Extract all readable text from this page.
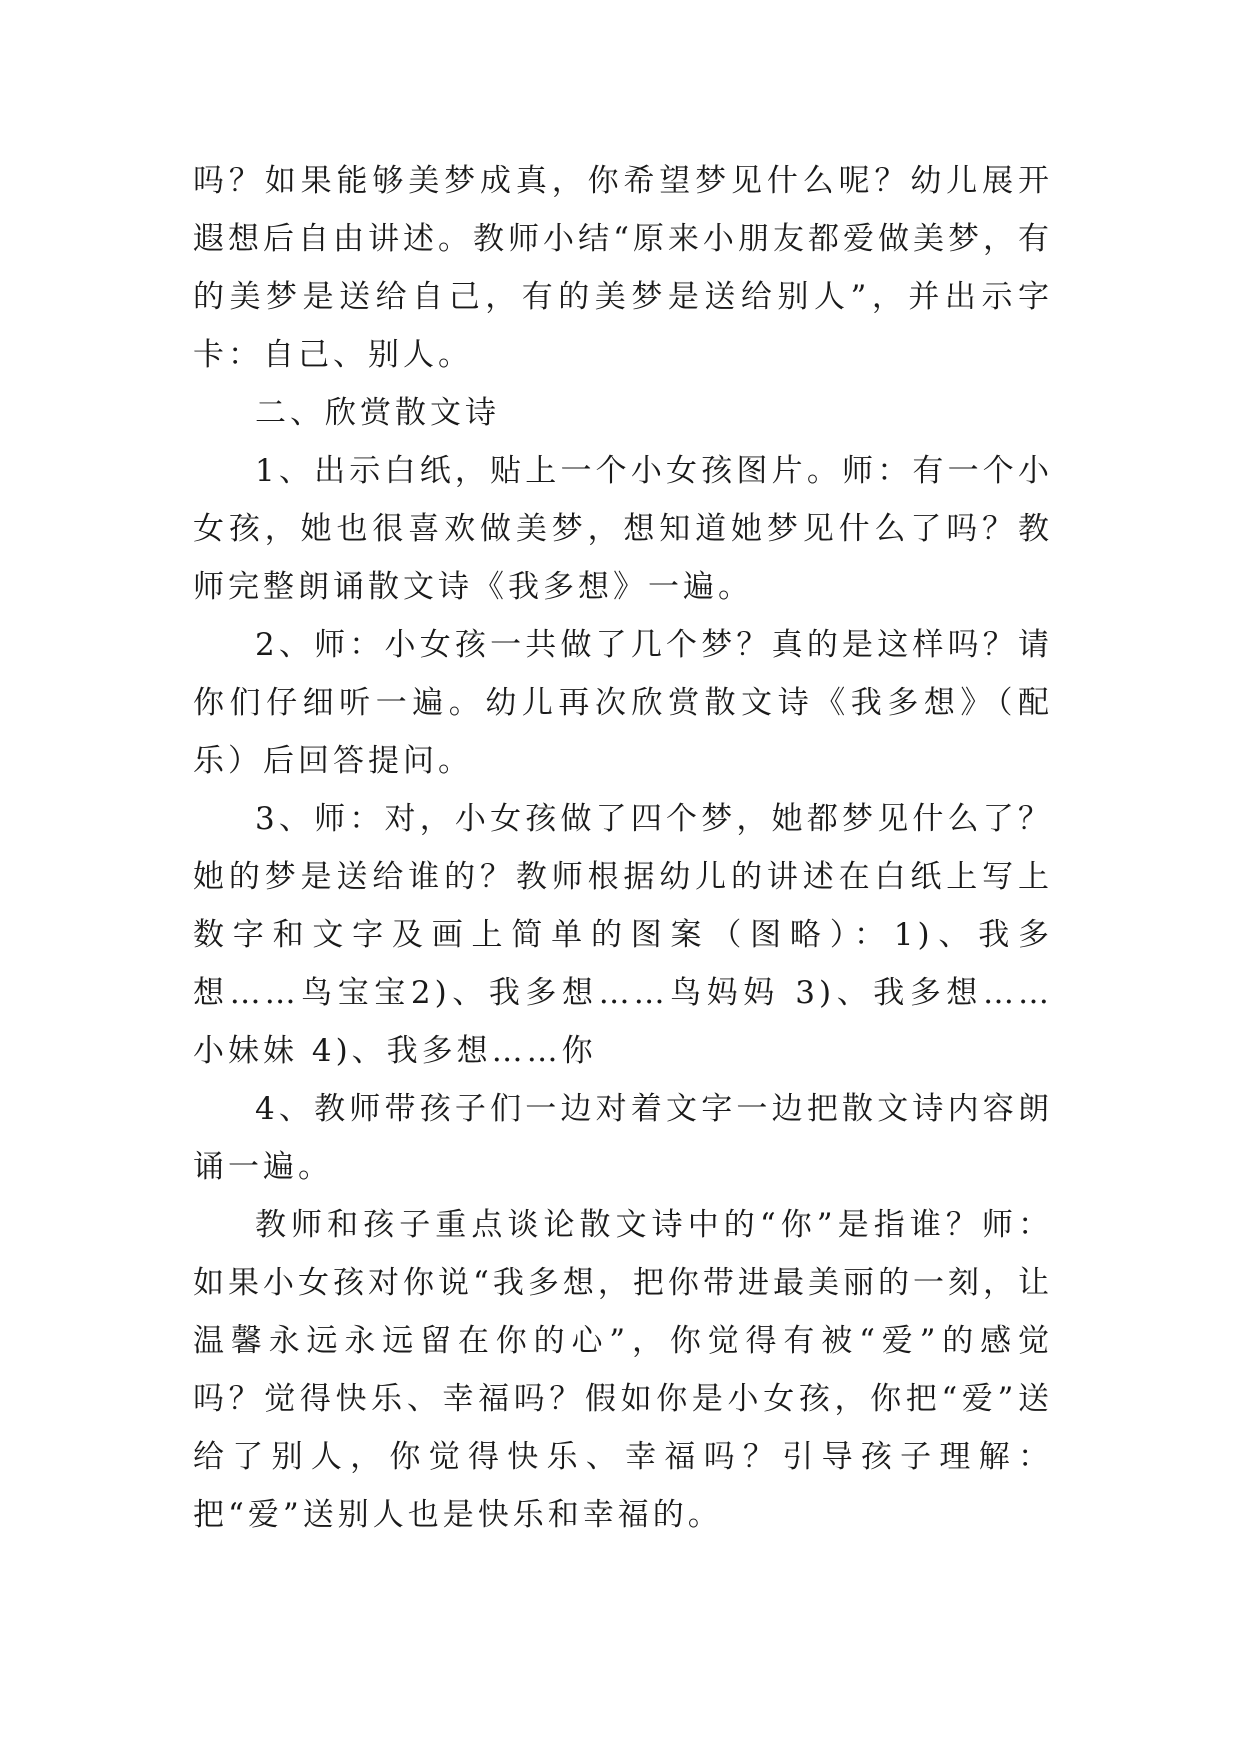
吗？如果能够美梦成真，你希望梦见什么呢？幼儿展开遐想后自由讲述。教师小结“原来小朋友都爱做美梦，有的美梦是送给自己，有的美梦是送给别人”，并出示字卡：自己、别人。

二、欣赏散文诗

1、出示白纸，贴上一个小女孩图片。师：有一个小女孩，她也很喜欢做美梦，想知道她梦见什么了吗？教师完整朗诵散文诗《我多想》一遍。

2、师：小女孩一共做了几个梦？真的是这样吗？请你们仔细听一遍。幼儿再次欣赏散文诗《我多想》（配乐）后回答提问。

3、师：对，小女孩做了四个梦，她都梦见什么了？她的梦是送给谁的？教师根据幼儿的讲述在白纸上写上数字和文字及画上简单的图案（图略）：1)、我多想……鸟宝宝2)、我多想……鸟妈妈 3)、我多想……小妹妹 4)、我多想……你

4、教师带孩子们一边对着文字一边把散文诗内容朗诵一遍。

教师和孩子重点谈论散文诗中的“你”是指谁？师：如果小女孩对你说“我多想，把你带进最美丽的一刻，让温馨永远永远留在你的心”，你觉得有被“爱”的感觉吗？觉得快乐、幸福吗？假如你是小女孩，你把“爱”送给了别人，你觉得快乐、幸福吗？引导孩子理解：把“爱”送别人也是快乐和幸福的。
